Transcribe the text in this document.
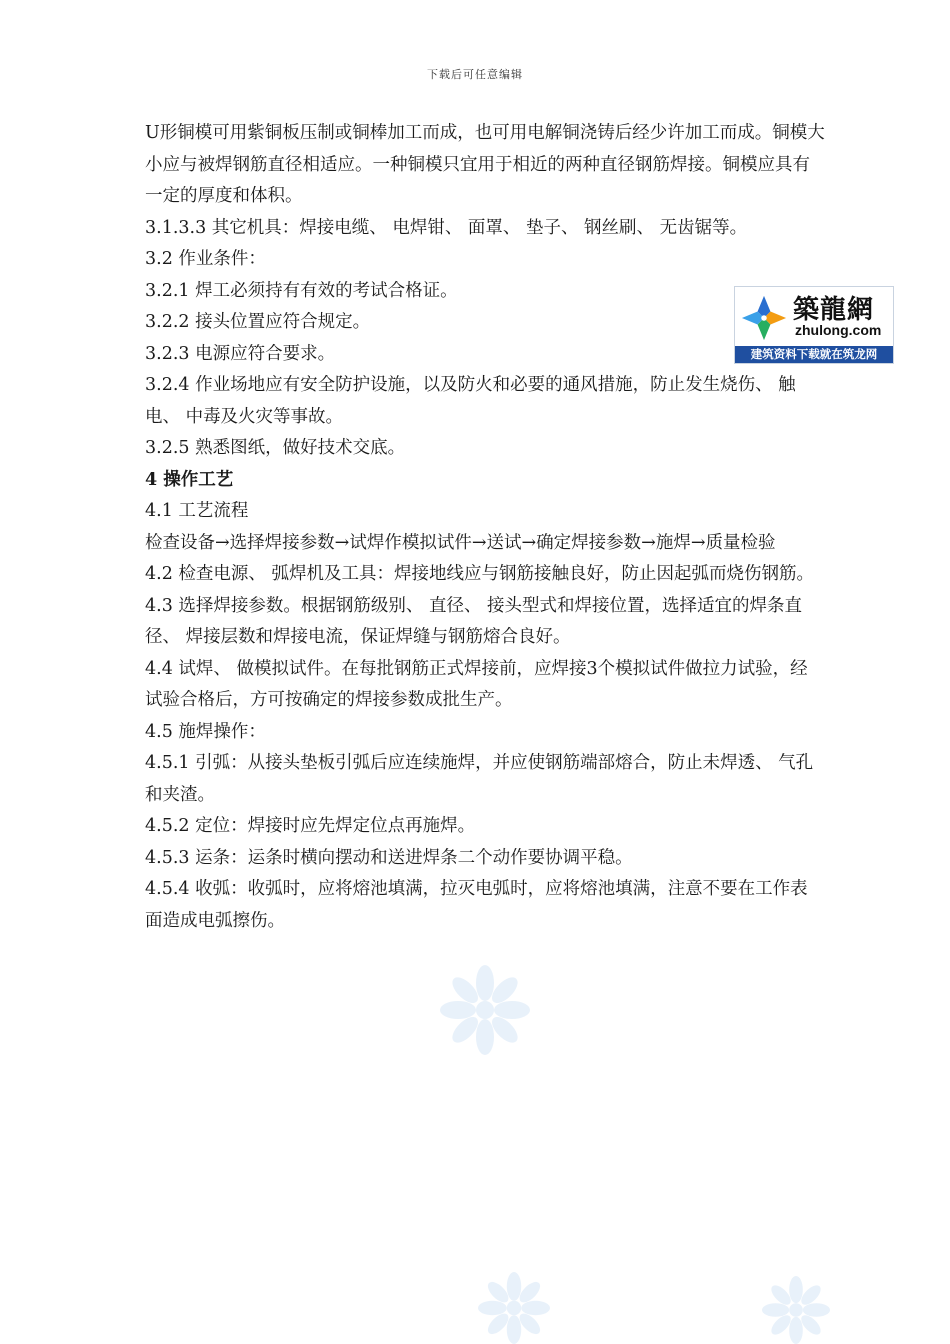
下载后可任意编辑

U形铜模可用紫铜板压制或铜棒加工而成，也可用电解铜浇铸后经少许加工而成。铜模大小应与被焊钢筋直径相适应。一种铜模只宜用于相近的两种直径钢筋焊接。铜模应具有一定的厚度和体积。

3.1.3.3 其它机具：焊接电缆、 电焊钳、 面罩、 垫子、 钢丝刷、 无齿锯等。

3.2 作业条件：

3.2.1 焊工必须持有有效的考试合格证。

3.2.2 接头位置应符合规定。

3.2.3 电源应符合要求。

3.2.4 作业场地应有安全防护设施，以及防火和必要的通风措施，防止发生烧伤、 触电、 中毒及火灾等事故。

3.2.5 熟悉图纸，做好技术交底。

4 操作工艺

4.1 工艺流程

检查设备→选择焊接参数→试焊作模拟试件→送试→确定焊接参数→施焊→质量检验

4.2 检查电源、 弧焊机及工具：焊接地线应与钢筋接触良好，防止因起弧而烧伤钢筋。

4.3 选择焊接参数。根据钢筋级别、 直径、 接头型式和焊接位置，选择适宜的焊条直径、 焊接层数和焊接电流，保证焊缝与钢筋熔合良好。

4.4 试焊、 做模拟试件。在每批钢筋正式焊接前，应焊接3个模拟试件做拉力试验，经试验合格后，方可按确定的焊接参数成批生产。

4.5 施焊操作：

4.5.1 引弧：从接头垫板引弧后应连续施焊，并应使钢筋端部熔合，防止未焊透、 气孔和夹渣。

4.5.2 定位：焊接时应先焊定位点再施焊。

4.5.3 运条：运条时横向摆动和送进焊条二个动作要协调平稳。

4.5.4 收弧：收弧时，应将熔池填满，拉灭电弧时，应将熔池填满，注意不要在工作表面造成电弧擦伤。

築龍網
zhulong.com
建筑资料下载就在筑龙网
